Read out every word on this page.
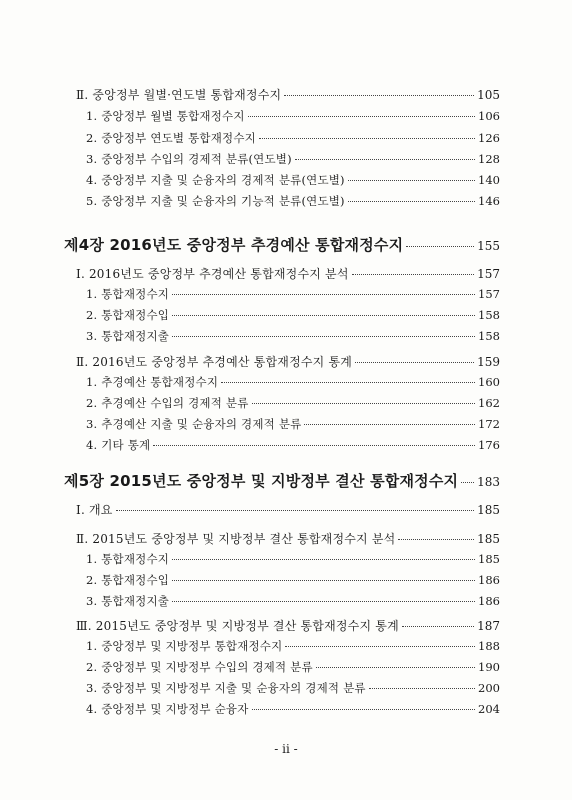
Ⅱ. 중앙정부 월별·연도별 통합재정수지	105
1. 중앙정부 월별 통합재정수지	106
2. 중앙정부 연도별 통합재정수지	126
3. 중앙정부 수입의 경제적 분류(연도별)	128
4. 중앙정부 지출 및 순융자의 경제적 분류(연도별)	140
5. 중앙정부 지출 및 순융자의 기능적 분류(연도별)	146
제4장 2016년도 중앙정부 추경예산 통합재정수지	155
Ⅰ. 2016년도 중앙정부 추경예산 통합재정수지 분석	157
1. 통합재정수지	157
2. 통합재정수입	158
3. 통합재정지출	158
Ⅱ. 2016년도 중앙정부 추경예산 통합재정수지 통계	159
1. 추경예산 통합재정수지	160
2. 추경예산 수입의 경제적 분류	162
3. 추경예산 지출 및 순융자의 경제적 분류	172
4. 기타 통계	176
제5장 2015년도 중앙정부 및 지방정부 결산 통합재정수지 183
Ⅰ. 개요	185
Ⅱ. 2015년도 중앙정부 및 지방정부 결산 통합재정수지 분석	185
1. 통합재정수지	185
2. 통합재정수입	186
3. 통합재정지출	186
Ⅲ. 2015년도 중앙정부 및 지방정부 결산 통합재정수지 통계	187
1. 중앙정부 및 지방정부 통합재정수지	188
2. 중앙정부 및 지방정부 수입의 경제적 분류	190
3. 중앙정부 및 지방정부 지출 및 순융자의 경제적 분류	200
4. 중앙정부 및 지방정부 순융자	204
- ii -
